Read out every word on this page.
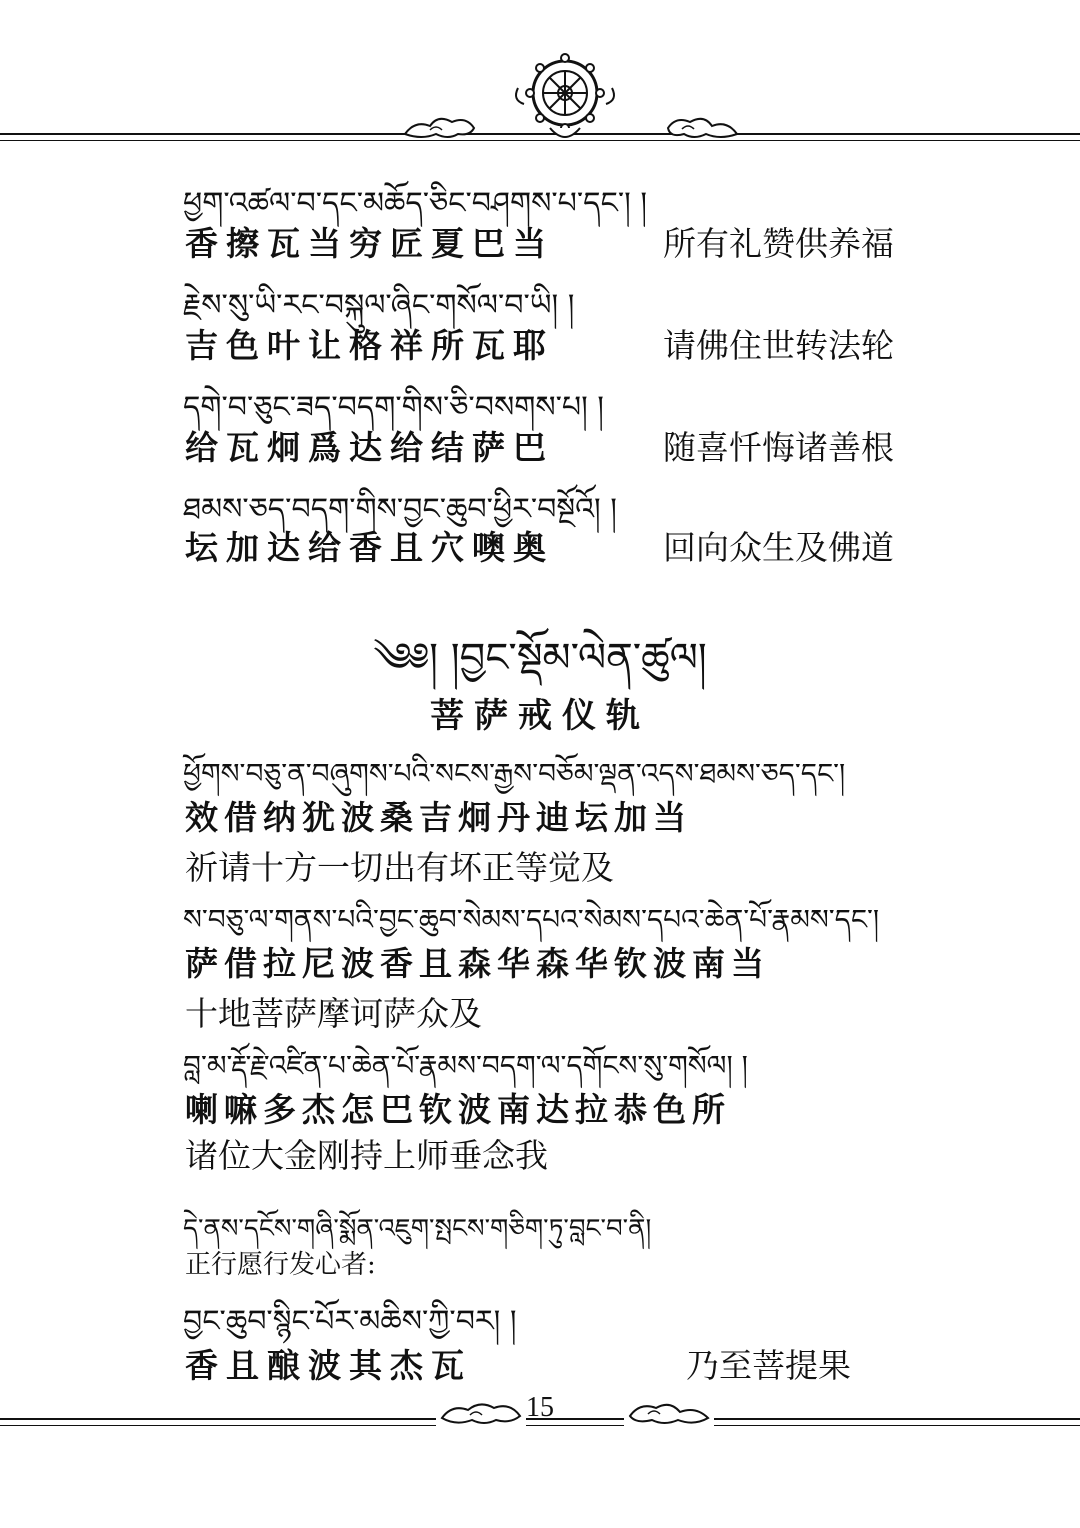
ཕྱག་འཚལ་བ་དང་མཆོད་ཅིང་བཤགས་པ་དང་། །
香擦瓦当穷匠夏巴当	所有礼赞供养福
རྗེས་སུ་ཡི་རང་བསྐུལ་ཞིང་གསོལ་བ་ཡི། །
吉色叶让格祥所瓦耶	请佛住世转法轮
དགེ་བ་ཅུང་ཟད་བདག་གིས་ཅི་བསགས་པ། །
给瓦炯爲达给结萨巴	随喜忏悔诸善根
ཐམས་ཅད་བདག་གིས་བྱང་ཆུབ་ཕྱིར་བསྔོའོ། །
坛加达给香且穴噢奥	回向众生及佛道
༄༅། །བྱང་སྡོམ་ལེན་ཚུལ།
菩萨戒仪轨
ཕྱོགས་བཅུ་ན་བཞུགས་པའི་སངས་རྒྱས་བཅོམ་ལྡན་འདས་ཐམས་ཅད་དང་།
效借纳犹波桑吉炯丹迪坛加当
祈请十方一切出有坏正等觉及
ས་བཅུ་ལ་གནས་པའི་བྱང་ཆུབ་སེམས་དཔའ་སེམས་དཔའ་ཆེན་པོ་རྣམས་དང་།
萨借拉尼波香且森华森华钦波南当
十地菩萨摩诃萨众及
བླ་མ་རྡོ་རྗེ་འཛིན་པ་ཆེན་པོ་རྣམས་བདག་ལ་དགོངས་སུ་གསོལ། །
喇嘛多杰怎巴钦波南达拉恭色所
诸位大金刚持上师垂念我
དེ་ནས་དངོས་གཞི་སྨོན་འཇུག་སྤངས་གཅིག་ཏུ་བླང་བ་ནི།
正行愿行发心者:
བྱང་ཆུབ་སྙིང་པོར་མཆིས་ཀྱི་བར། །
香且酿波其杰瓦	乃至菩提果
15
